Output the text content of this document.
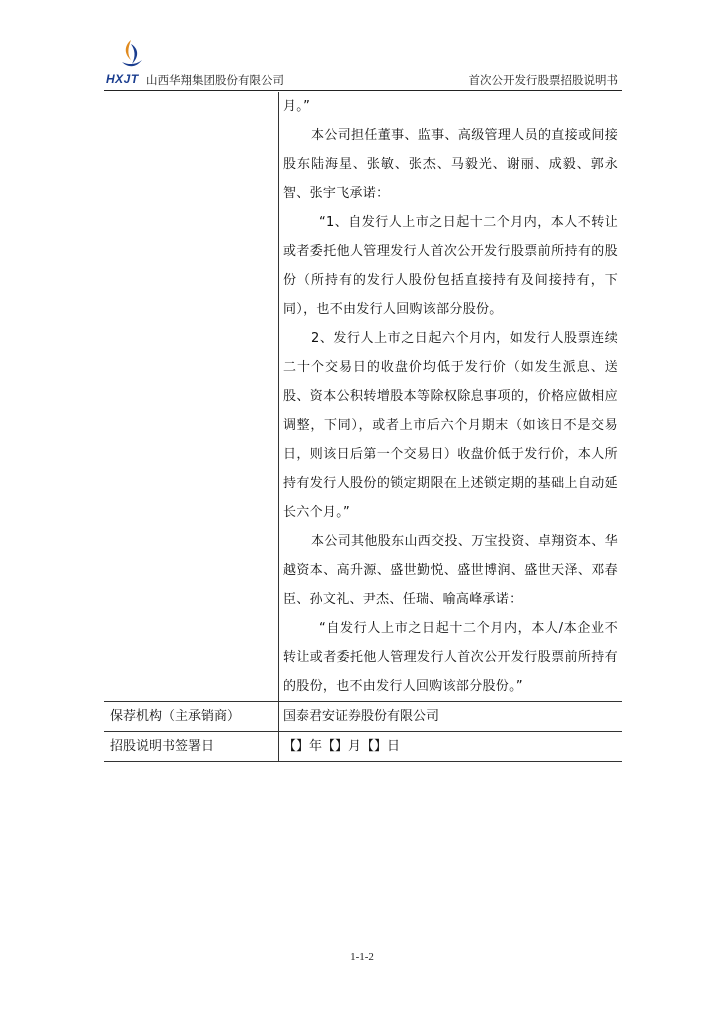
HXJT 山西华翔集团股份有限公司	首次公开发行股票招股说明书

月。”

本公司担任董事、监事、高级管理人员的直接或间接股东陆海星、张敏、张杰、马毅光、谢丽、成毅、郭永智、张宇飞承诺：

“1、自发行人上市之日起十二个月内，本人不转让或者委托他人管理发行人首次公开发行股票前所持有的股份（所持有的发行人股份包括直接持有及间接持有，下同），也不由发行人回购该部分股份。

2、发行人上市之日起六个月内，如发行人股票连续二十个交易日的收盘价均低于发行价（如发生派息、送股、资本公积转增股本等除权除息事项的，价格应做相应调整，下同），或者上市后六个月期末（如该日不是交易日，则该日后第一个交易日）收盘价低于发行价，本人所持有发行人股份的锁定期限在上述锁定期的基础上自动延长六个月。”

本公司其他股东山西交投、万宝投资、卓翔资本、华越资本、高升源、盛世勤悦、盛世博润、盛世天泽、邓春臣、孙文礼、尹杰、任瑞、喻高峰承诺：

“自发行人上市之日起十二个月内，本人/本企业不转让或者委托他人管理发行人首次公开发行股票前所持有的股份，也不由发行人回购该部分股份。”

保荐机构（主承销商）	国泰君安证券股份有限公司
招股说明书签署日	【】年【】月【】日
1-1-2
